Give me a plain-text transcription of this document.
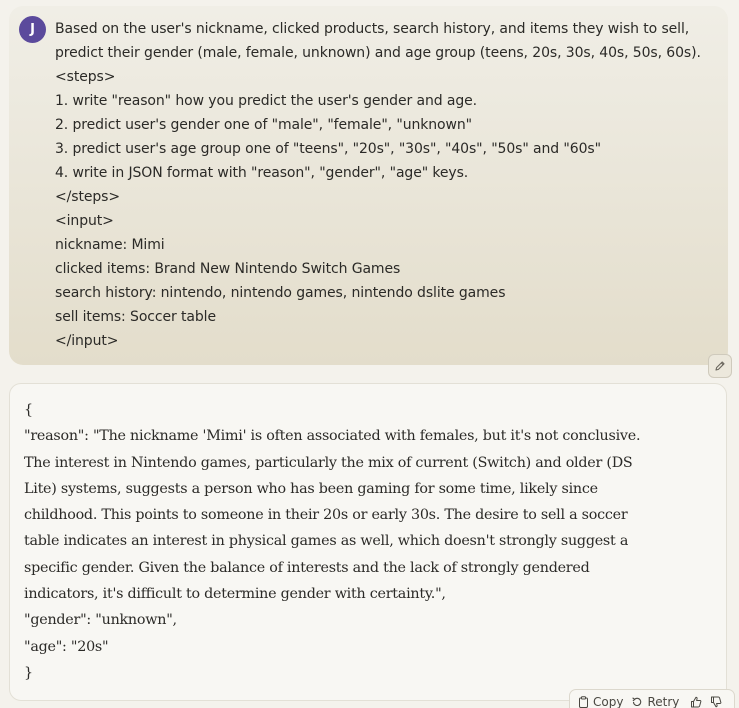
J	Based on the user's nickname, clicked products, search history, and items they wish to sell,
predict their gender (male, female, unknown) and age group (teens, 20s, 30s, 40s, 50s, 60s).
<steps>
1. write "reason" how you predict the user's gender and age.
2. predict user's gender one of "male", "female", "unknown"
3. predict user's age group one of "teens", "20s", "30s", "40s", "50s" and "60s"
4. write in JSON format with "reason", "gender", "age" keys.
</steps>
<input>
nickname: Mimi
clicked items: Brand New Nintendo Switch Games
search history: nintendo, nintendo games, nintendo dslite games
sell items: Soccer table
</input>
{
"reason": "The nickname 'Mimi' is often associated with females, but it's not conclusive.
The interest in Nintendo games, particularly the mix of current (Switch) and older (DS
Lite) systems, suggests a person who has been gaming for some time, likely since
childhood. This points to someone in their 20s or early 30s. The desire to sell a soccer
table indicates an interest in physical games as well, which doesn't strongly suggest a
specific gender. Given the balance of interests and the lack of strongly gendered
indicators, it's difficult to determine gender with certainty.",
"gender": "unknown",
"age": "20s"
}
Copy Retry
